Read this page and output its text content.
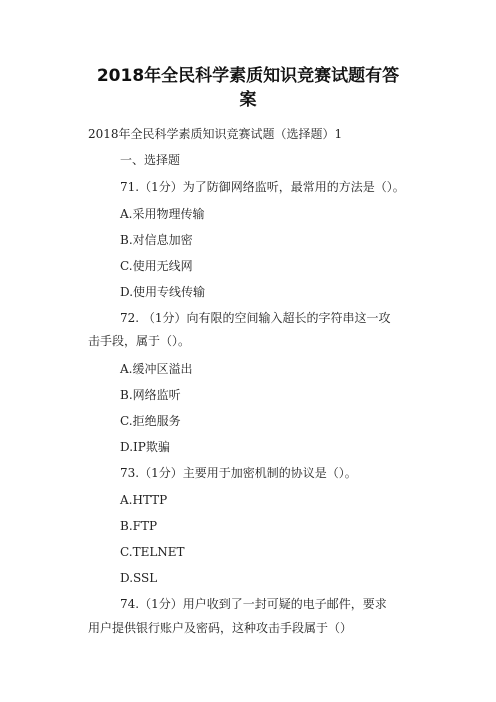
2018年全民科学素质知识竞赛试题有答
案
2018年全民科学素质知识竞赛试题（选择题）1
一、选择题
71.（1分）为了防御网络监听，最常用的方法是（）。
A.采用物理传输
B.对信息加密
C.使用无线网
D.使用专线传输
72. （1分）向有限的空间输入超长的字符串这一攻
击手段，属于（）。
A.缓冲区溢出
B.网络监听
C.拒绝服务
D.IP欺骗
73.（1分）主要用于加密机制的协议是（）。
A.HTTP
B.FTP
C.TELNET
D.SSL
74.（1分）用户收到了一封可疑的电子邮件，要求
用户提供银行账户及密码，这种攻击手段属于（）
